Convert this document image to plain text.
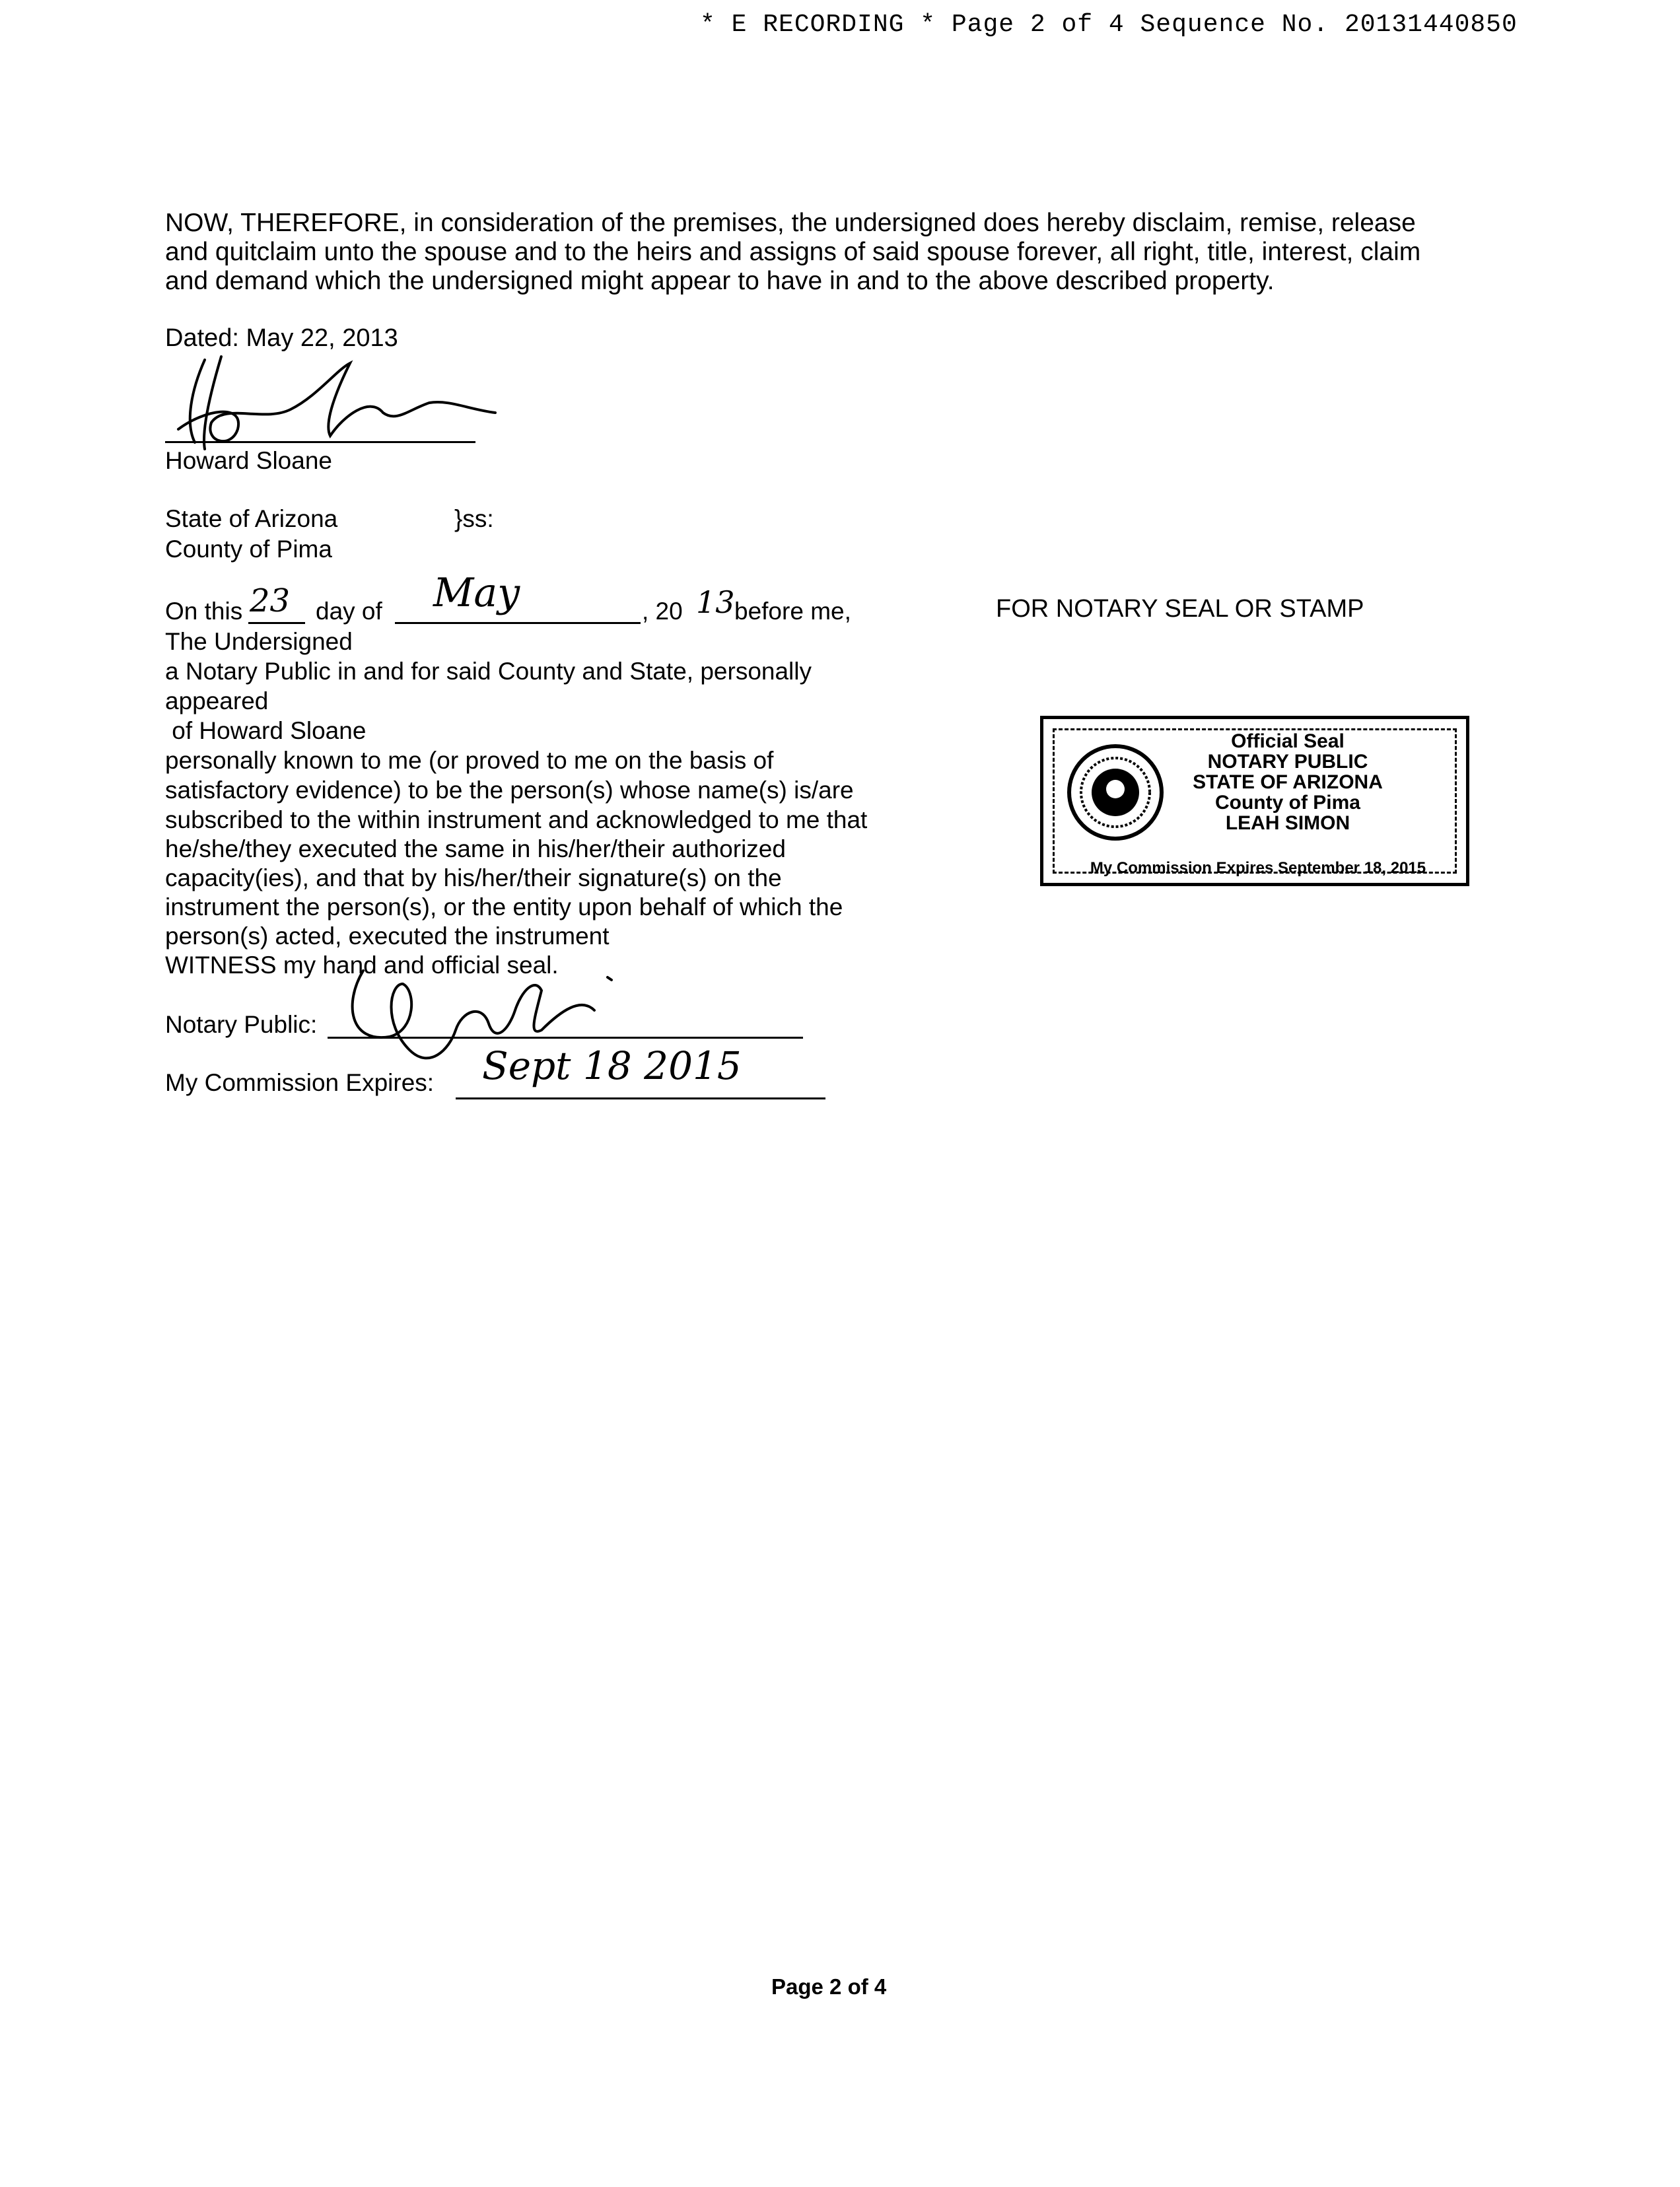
* E RECORDING * Page 2 of 4 Sequence No. 20131440850
NOW, THEREFORE, in consideration of the premises, the undersigned does hereby disclaim, remise, release
and quitclaim unto the spouse and to the heirs and assigns of said spouse forever, all right, title, interest, claim
and demand which the undersigned might appear to have in and to the above described property.
Dated: May 22, 2013
Howard Sloane
State of Arizona	}ss:
County of Pima
On this 23 day of May	, 20 13 before me,
The Undersigned
a Notary Public in and for said County and State, personally
appeared
of Howard Sloane
personally known to me (or proved to me on the basis of
satisfactory evidence) to be the person(s) whose name(s) is/are
subscribed to the within instrument and acknowledged to me that
he/she/they executed the same in his/her/their authorized
capacity(ies), and that by his/her/their signature(s) on the
instrument the person(s), or the entity upon behalf of which the
person(s) acted, executed the instrument
WITNESS my hand and official seal.
Notary Public:
My Commission Expires: Sept 18 2015
FOR NOTARY SEAL OR STAMP
Official Seal
NOTARY PUBLIC
STATE OF ARIZONA
County of Pima
LEAH SIMON
My Commission Expires September 18, 2015
Page 2 of 4
